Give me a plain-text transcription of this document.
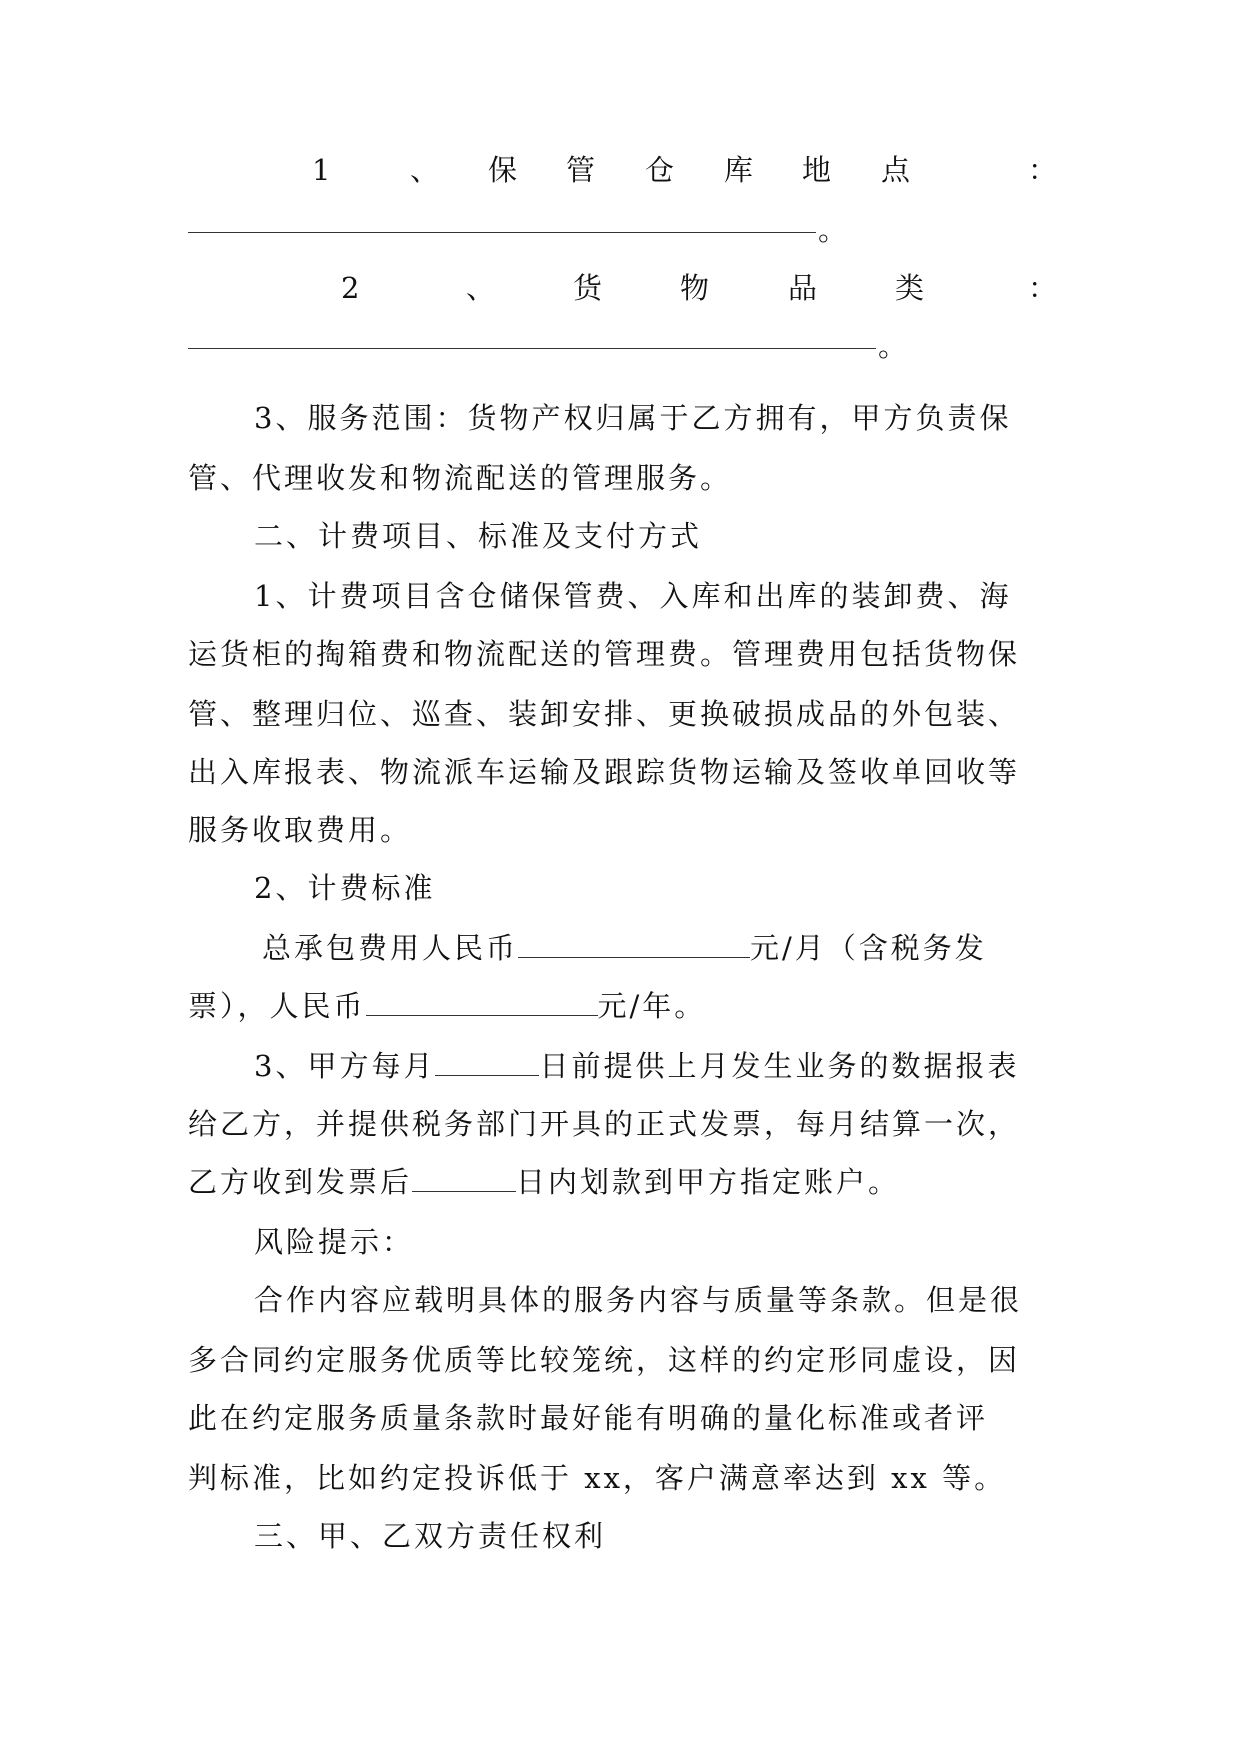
1	、 保 管 仓 库 地 点	：
。
2	、	货	物	品	类	：
。
3、服务范围：货物产权归属于乙方拥有，甲方负责保
管、代理收发和物流配送的管理服务。
二、计费项目、标准及支付方式
1、计费项目含仓储保管费、入库和出库的装卸费、海
运货柜的掏箱费和物流配送的管理费。管理费用包括货物保
管、整理归位、巡查、装卸安排、更换破损成品的外包装、
出入库报表、物流派车运输及跟踪货物运输及签收单回收等
服务收取费用。
2、计费标准
总承包费用人民币	元/月（含税务发
票），人民币	元/年。
3、甲方每月	日前提供上月发生业务的数据报表
给乙方，并提供税务部门开具的正式发票，每月结算一次，
乙方收到发票后	日内划款到甲方指定账户。
风险提示：
合作内容应载明具体的服务内容与质量等条款。但是很
多合同约定服务优质等比较笼统，这样的约定形同虚设，因
此在约定服务质量条款时最好能有明确的量化标准或者评
判标准，比如约定投诉低于 xx，客户满意率达到 xx 等。
三、甲、乙双方责任权利
